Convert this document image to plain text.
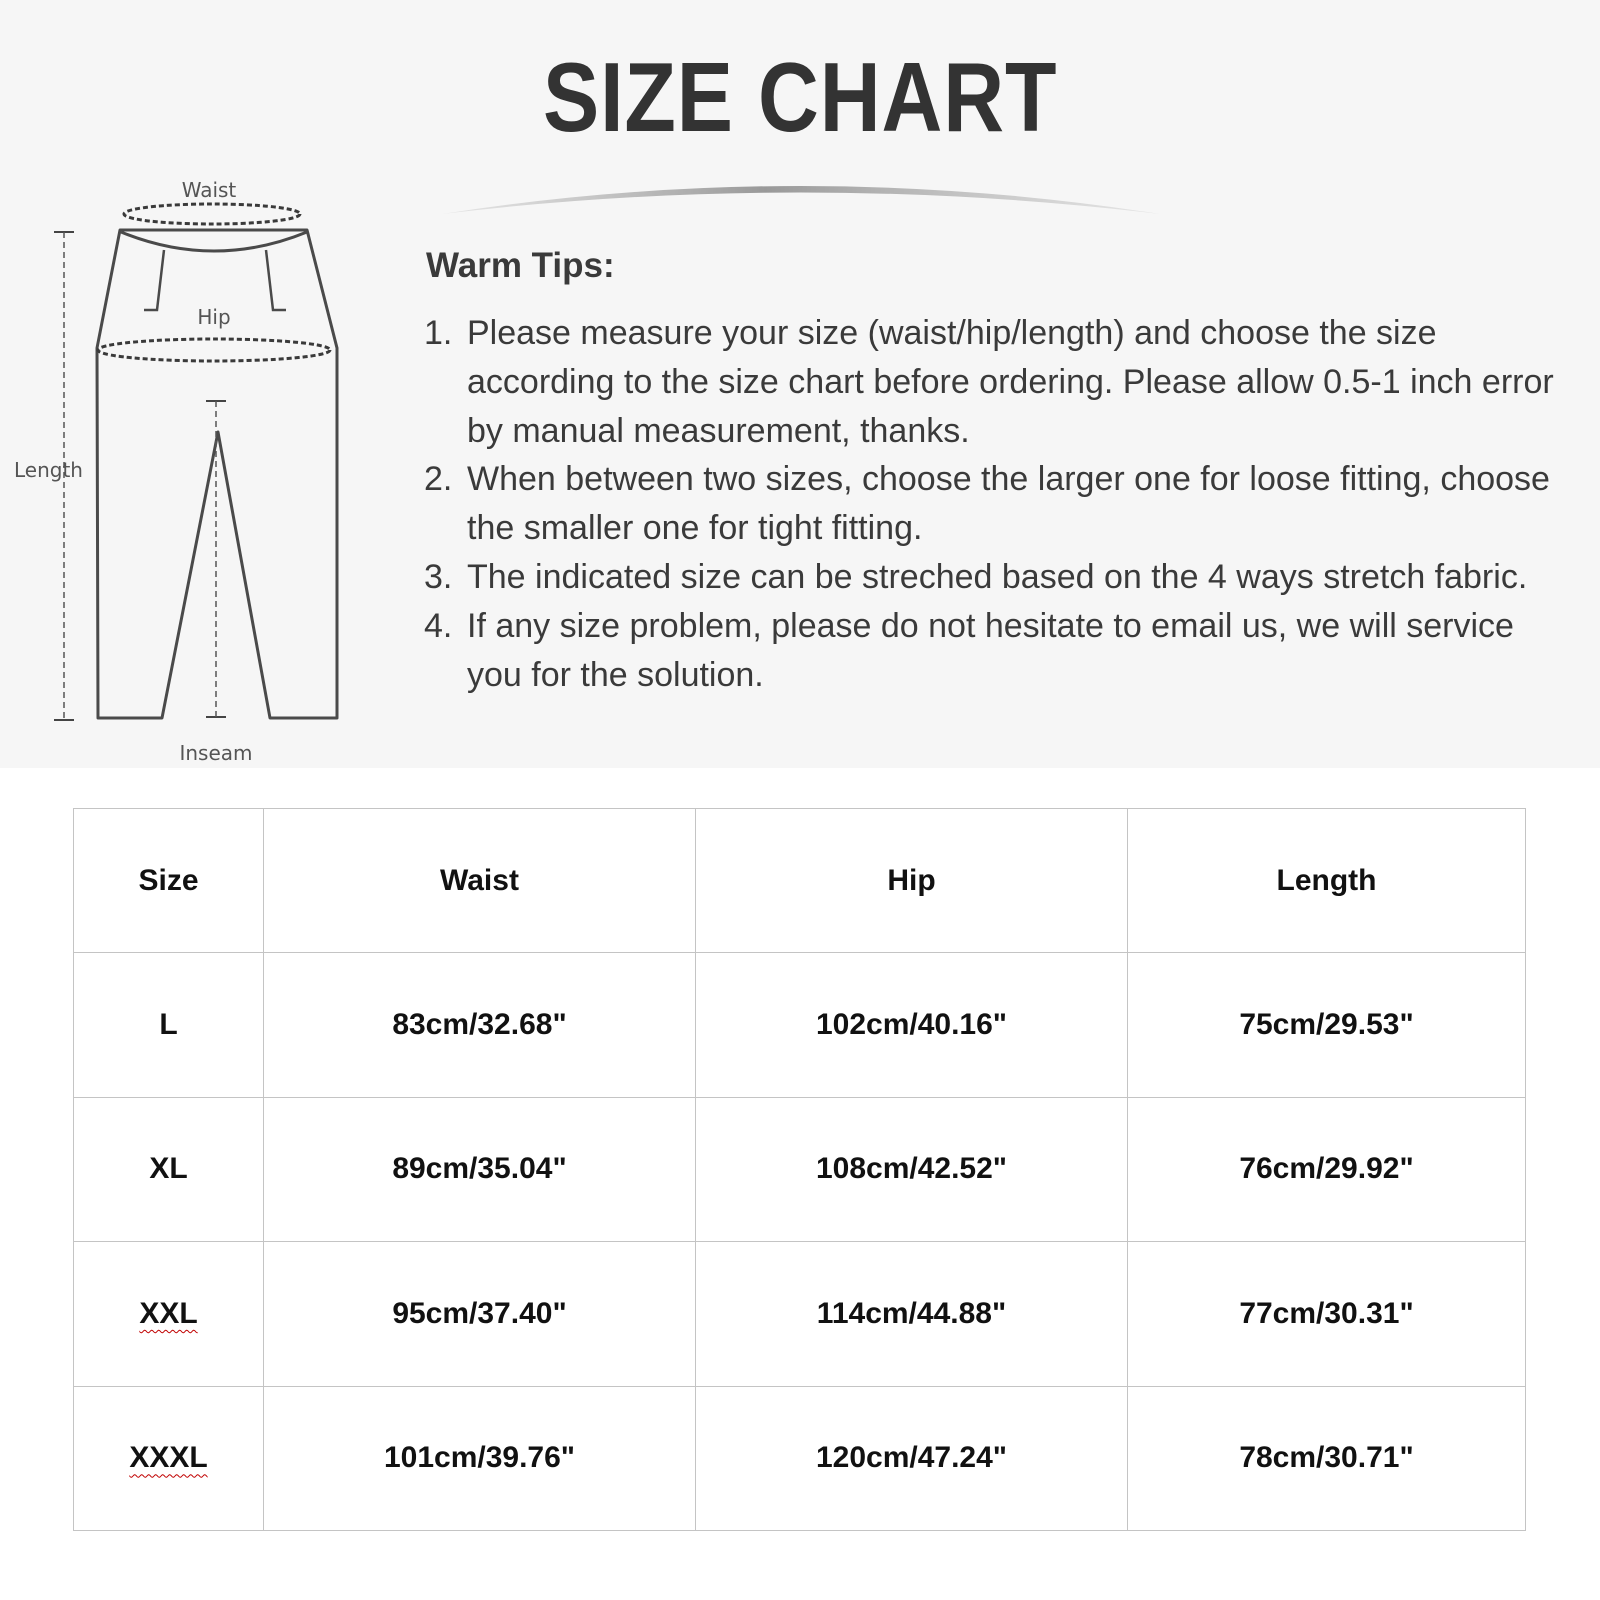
SIZE CHART
Waist
Hip
Length
Inseam
Warm Tips:
1. Please measure your size (waist/hip/length) and choose the size according to the size chart before ordering. Please allow 0.5-1 inch error by manual measurement, thanks.
2. When between two sizes, choose the larger one for loose fitting, choose the smaller one for tight fitting.
3. The indicated size can be streched based on the 4 ways stretch fabric.
4. If any size problem, please do not hesitate to email us, we will service you for the solution.
Size	Waist	Hip	Length
L	83cm/32.68"	102cm/40.16"	75cm/29.53"
XL	89cm/35.04"	108cm/42.52"	76cm/29.92"
XXL	95cm/37.40"	114cm/44.88"	77cm/30.31"
XXXL	101cm/39.76"	120cm/47.24"	78cm/30.71"
